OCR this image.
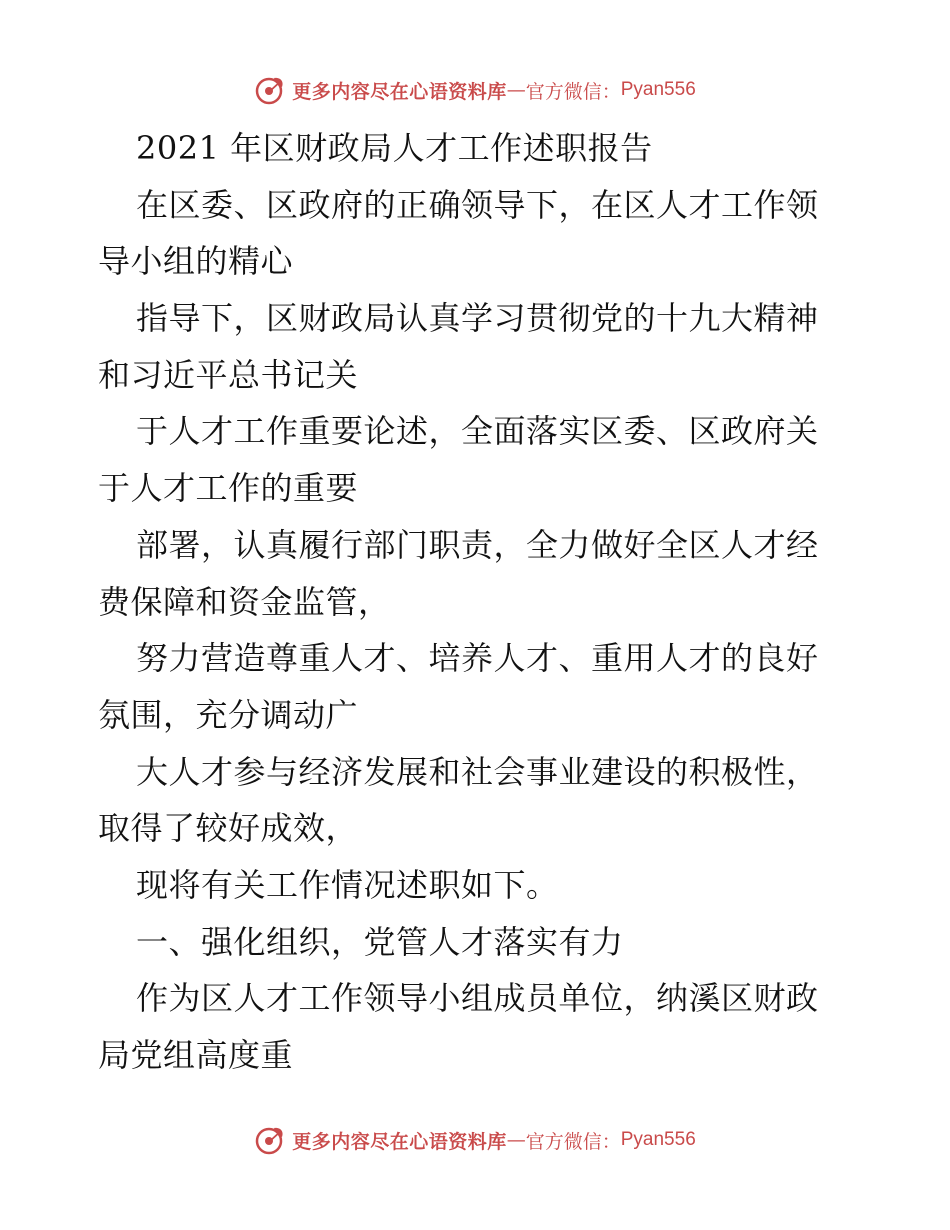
更多内容尽在心语资料库 — 官方微信： Pyan556
2021 年区财政局人才工作述职报告
在区委、区政府的正确领导下，在区人才工作领
导小组的精心
指导下，区财政局认真学习贯彻党的十九大精神
和习近平总书记关
于人才工作重要论述，全面落实区委、区政府关
于人才工作的重要
部署，认真履行部门职责，全力做好全区人才经
费保障和资金监管，
努力营造尊重人才、培养人才、重用人才的良好
氛围，充分调动广
大人才参与经济发展和社会事业建设的积极性，
取得了较好成效，
现将有关工作情况述职如下。
一、强化组织，党管人才落实有力
作为区人才工作领导小组成员单位，纳溪区财政
局党组高度重
更多内容尽在心语资料库 — 官方微信： Pyan556
